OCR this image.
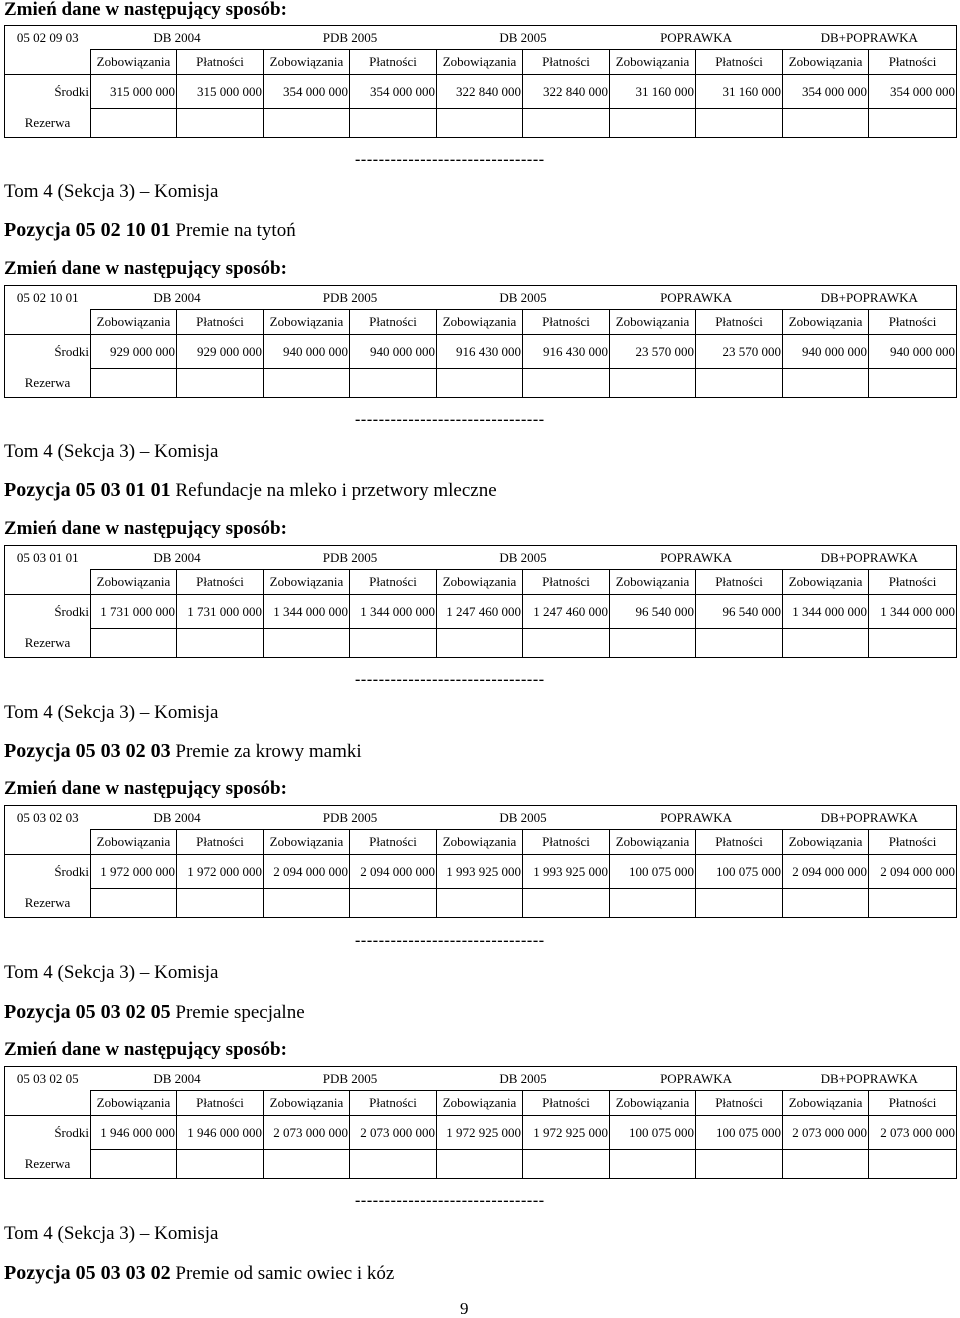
Zmień dane w następujący sposób:
05 02 09 03	DB 2004		PDB 2005		DB 2005		POPRAWKA		DB+POPRAWKA	
	Zobowiązania	Płatności	Zobowiązania	Płatności	Zobowiązania	Płatności	Zobowiązania	Płatności	Zobowiązania	Płatności
Środki	315 000 000	315 000 000	354 000 000	354 000 000	322 840 000	322 840 000	31 160 000	31 160 000	354 000 000	354 000 000
Rezerwa										
--------------------------------
Tom 4 (Sekcja 3) – Komisja
Pozycja 05 02 10 01 Premie na tytoń
Zmień dane w następujący sposób:
05 02 10 01	DB 2004		PDB 2005		DB 2005		POPRAWKA		DB+POPRAWKA	
	Zobowiązania	Płatności	Zobowiązania	Płatności	Zobowiązania	Płatności	Zobowiązania	Płatności	Zobowiązania	Płatności
Środki	929 000 000	929 000 000	940 000 000	940 000 000	916 430 000	916 430 000	23 570 000	23 570 000	940 000 000	940 000 000
Rezerwa										
--------------------------------
Tom 4 (Sekcja 3) – Komisja
Pozycja 05 03 01 01 Refundacje na mleko i przetwory mleczne
Zmień dane w następujący sposób:
05 03 01 01	DB 2004		PDB 2005		DB 2005		POPRAWKA		DB+POPRAWKA	
	Zobowiązania	Płatności	Zobowiązania	Płatności	Zobowiązania	Płatności	Zobowiązania	Płatności	Zobowiązania	Płatności
Środki	1 731 000 000	1 731 000 000	1 344 000 000	1 344 000 000	1 247 460 000	1 247 460 000	96 540 000	96 540 000	1 344 000 000	1 344 000 000
Rezerwa										
--------------------------------
Tom 4 (Sekcja 3) – Komisja
Pozycja 05 03 02 03 Premie za krowy mamki
Zmień dane w następujący sposób:
05 03 02 03	DB 2004		PDB 2005		DB 2005		POPRAWKA		DB+POPRAWKA	
	Zobowiązania	Płatności	Zobowiązania	Płatności	Zobowiązania	Płatności	Zobowiązania	Płatności	Zobowiązania	Płatności
Środki	1 972 000 000	1 972 000 000	2 094 000 000	2 094 000 000	1 993 925 000	1 993 925 000	100 075 000	100 075 000	2 094 000 000	2 094 000 000
Rezerwa										
--------------------------------
Tom 4 (Sekcja 3) – Komisja
Pozycja 05 03 02 05 Premie specjalne
Zmień dane w następujący sposób:
05 03 02 05	DB 2004		PDB 2005		DB 2005		POPRAWKA		DB+POPRAWKA	
	Zobowiązania	Płatności	Zobowiązania	Płatności	Zobowiązania	Płatności	Zobowiązania	Płatności	Zobowiązania	Płatności
Środki	1 946 000 000	1 946 000 000	2 073 000 000	2 073 000 000	1 972 925 000	1 972 925 000	100 075 000	100 075 000	2 073 000 000	2 073 000 000
Rezerwa										
--------------------------------
Tom 4 (Sekcja 3) – Komisja
Pozycja 05 03 03 02 Premie od samic owiec i kóz
9
